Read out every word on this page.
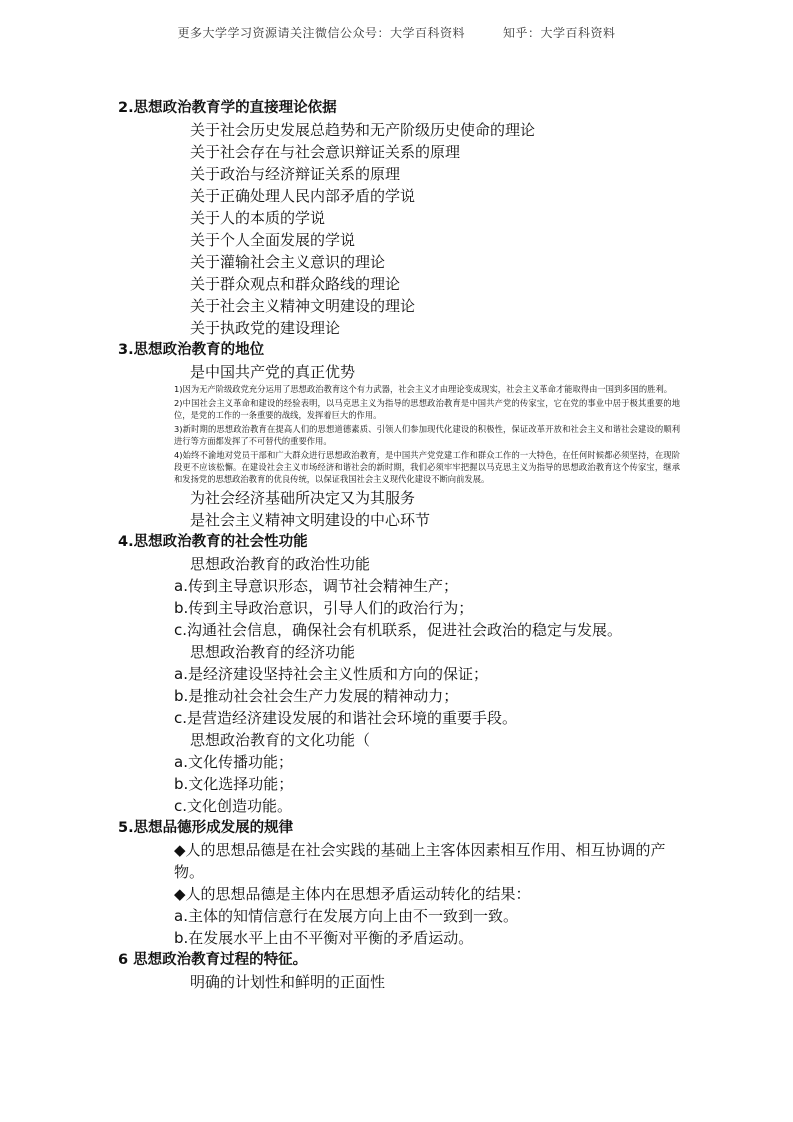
更多大学学习资源请关注微信公众号：大学百科资料	知乎：大学百科资料
2.思想政治教育学的直接理论依据
关于社会历史发展总趋势和无产阶级历史使命的理论
关于社会存在与社会意识辩证关系的原理
关于政治与经济辩证关系的原理
关于正确处理人民内部矛盾的学说
关于人的本质的学说
关于个人全面发展的学说
关于灌输社会主义意识的理论
关于群众观点和群众路线的理论
关于社会主义精神文明建设的理论
关于执政党的建设理论
3.思想政治教育的地位
是中国共产党的真正优势

1)因为无产阶级政党充分运用了思想政治教育这个有力武器，社会主义才由理论变成现实，社会主义革命才能取得由一国到多国的胜利。

2)中国社会主义革命和建设的经验表明，以马克思主义为指导的思想政治教育是中国共产党的传家宝，它在党的事业中居于极其重要的地位，是党的工作的一条重要的战线，发挥着巨大的作用。

3)新时期的思想政治教育在提高人们的思想道德素质、引领人们参加现代化建设的积极性，保证改革开放和社会主义和谐社会建设的顺利进行等方面都发挥了不可替代的重要作用。

4)始终不渝地对党员干部和广大群众进行思想政治教育，是中国共产党党建工作和群众工作的一大特色，在任何时候都必须坚持，在现阶段更不应该松懈。在建设社会主义市场经济和谐社会的新时期，我们必须牢牢把握以马克思主义为指导的思想政治教育这个传家宝，继承和发扬党的思想政治教育的优良传统，以保证我国社会主义现代化建设不断向前发展。

为社会经济基础所决定又为其服务
是社会主义精神文明建设的中心环节
4.思想政治教育的社会性功能
思想政治教育的政治性功能
a.传到主导意识形态，调节社会精神生产；
b.传到主导政治意识，引导人们的政治行为；
c.沟通社会信息，确保社会有机联系，促进社会政治的稳定与发展。
思想政治教育的经济功能
a.是经济建设坚持社会主义性质和方向的保证；
b.是推动社会社会生产力发展的精神动力；
c.是营造经济建设发展的和谐社会环境的重要手段。
思想政治教育的文化功能（
a.文化传播功能；
b.文化选择功能；
c.文化创造功能。
5.思想品德形成发展的规律

◆人的思想品德是在社会实践的基础上主客体因素相互作用、相互协调的产物。

◆人的思想品德是主体内在思想矛盾运动转化的结果：
a.主体的知情信意行在发展方向上由不一致到一致。
b.在发展水平上由不平衡对平衡的矛盾运动。
6 思想政治教育过程的特征。
明确的计划性和鲜明的正面性
